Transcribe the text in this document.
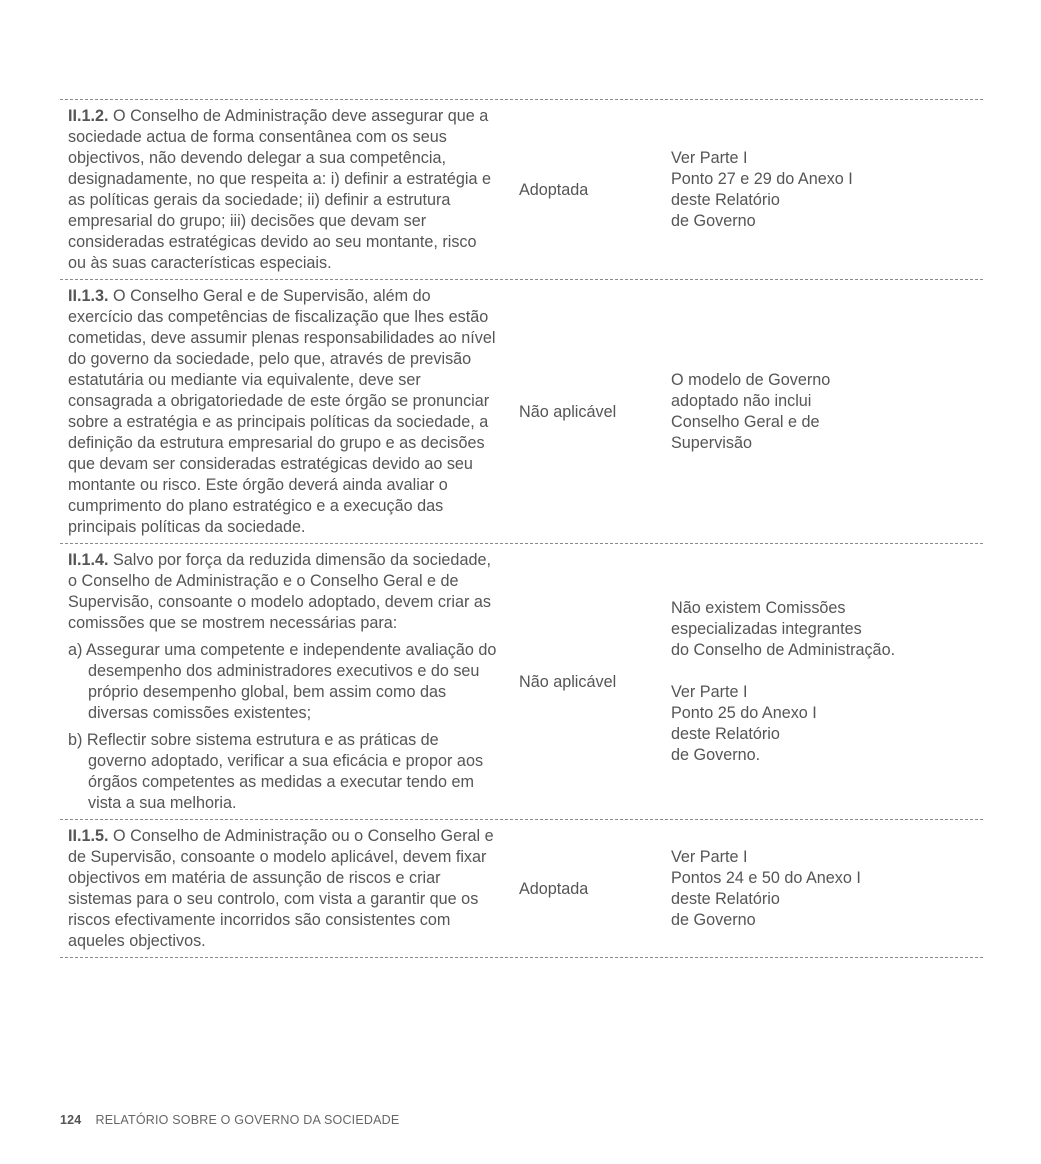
II.1.2. O Conselho de Administração deve assegurar que a sociedade actua de forma consentânea com os seus objectivos, não devendo delegar a sua competência, designadamente, no que respeita a: i) definir a estratégia e as políticas gerais da sociedade; ii) definir a estrutura empresarial do grupo; iii) decisões que devam ser consideradas estratégicas devido ao seu montante, risco ou às suas características especiais.
Adoptada
Ver Parte I
Ponto 27 e 29 do Anexo I
deste Relatório
de Governo
II.1.3. O Conselho Geral e de Supervisão, além do exercício das competências de fiscalização que lhes estão cometidas, deve assumir plenas responsabilidades ao nível do governo da sociedade, pelo que, através de previsão estatutária ou mediante via equivalente, deve ser consagrada a obrigatoriedade de este órgão se pronunciar sobre a estratégia e as principais políticas da sociedade, a definição da estrutura empresarial do grupo e as decisões que devam ser consideradas estratégicas devido ao seu montante ou risco. Este órgão deverá ainda avaliar o cumprimento do plano estratégico e a execução das principais políticas da sociedade.
Não aplicável
O modelo de Governo
adoptado não inclui
Conselho Geral e de
Supervisão
II.1.4. Salvo por força da reduzida dimensão da sociedade, o Conselho de Administração e o Conselho Geral e de Supervisão, consoante o modelo adoptado, devem criar as comissões que se mostrem necessárias para:
a) Assegurar uma competente e independente avaliação do desempenho dos administradores executivos e do seu próprio desempenho global, bem assim como das diversas comissões existentes;
b) Reflectir sobre sistema estrutura e as práticas de governo adoptado, verificar a sua eficácia e propor aos órgãos competentes as medidas a executar tendo em vista a sua melhoria.
Não aplicável
Não existem Comissões
especializadas integrantes
do Conselho de Administração.
Ver Parte I
Ponto 25 do Anexo I
deste Relatório
de Governo.
II.1.5. O Conselho de Administração ou o Conselho Geral e de Supervisão, consoante o modelo aplicável, devem fixar objectivos em matéria de assunção de riscos e criar sistemas para o seu controlo, com vista a garantir que os riscos efectivamente incorridos são consistentes com aqueles objectivos.
Adoptada
Ver Parte I
Pontos 24 e 50 do Anexo I
deste Relatório
de Governo
124 RELATÓRIO SOBRE O GOVERNO DA SOCIEDADE
